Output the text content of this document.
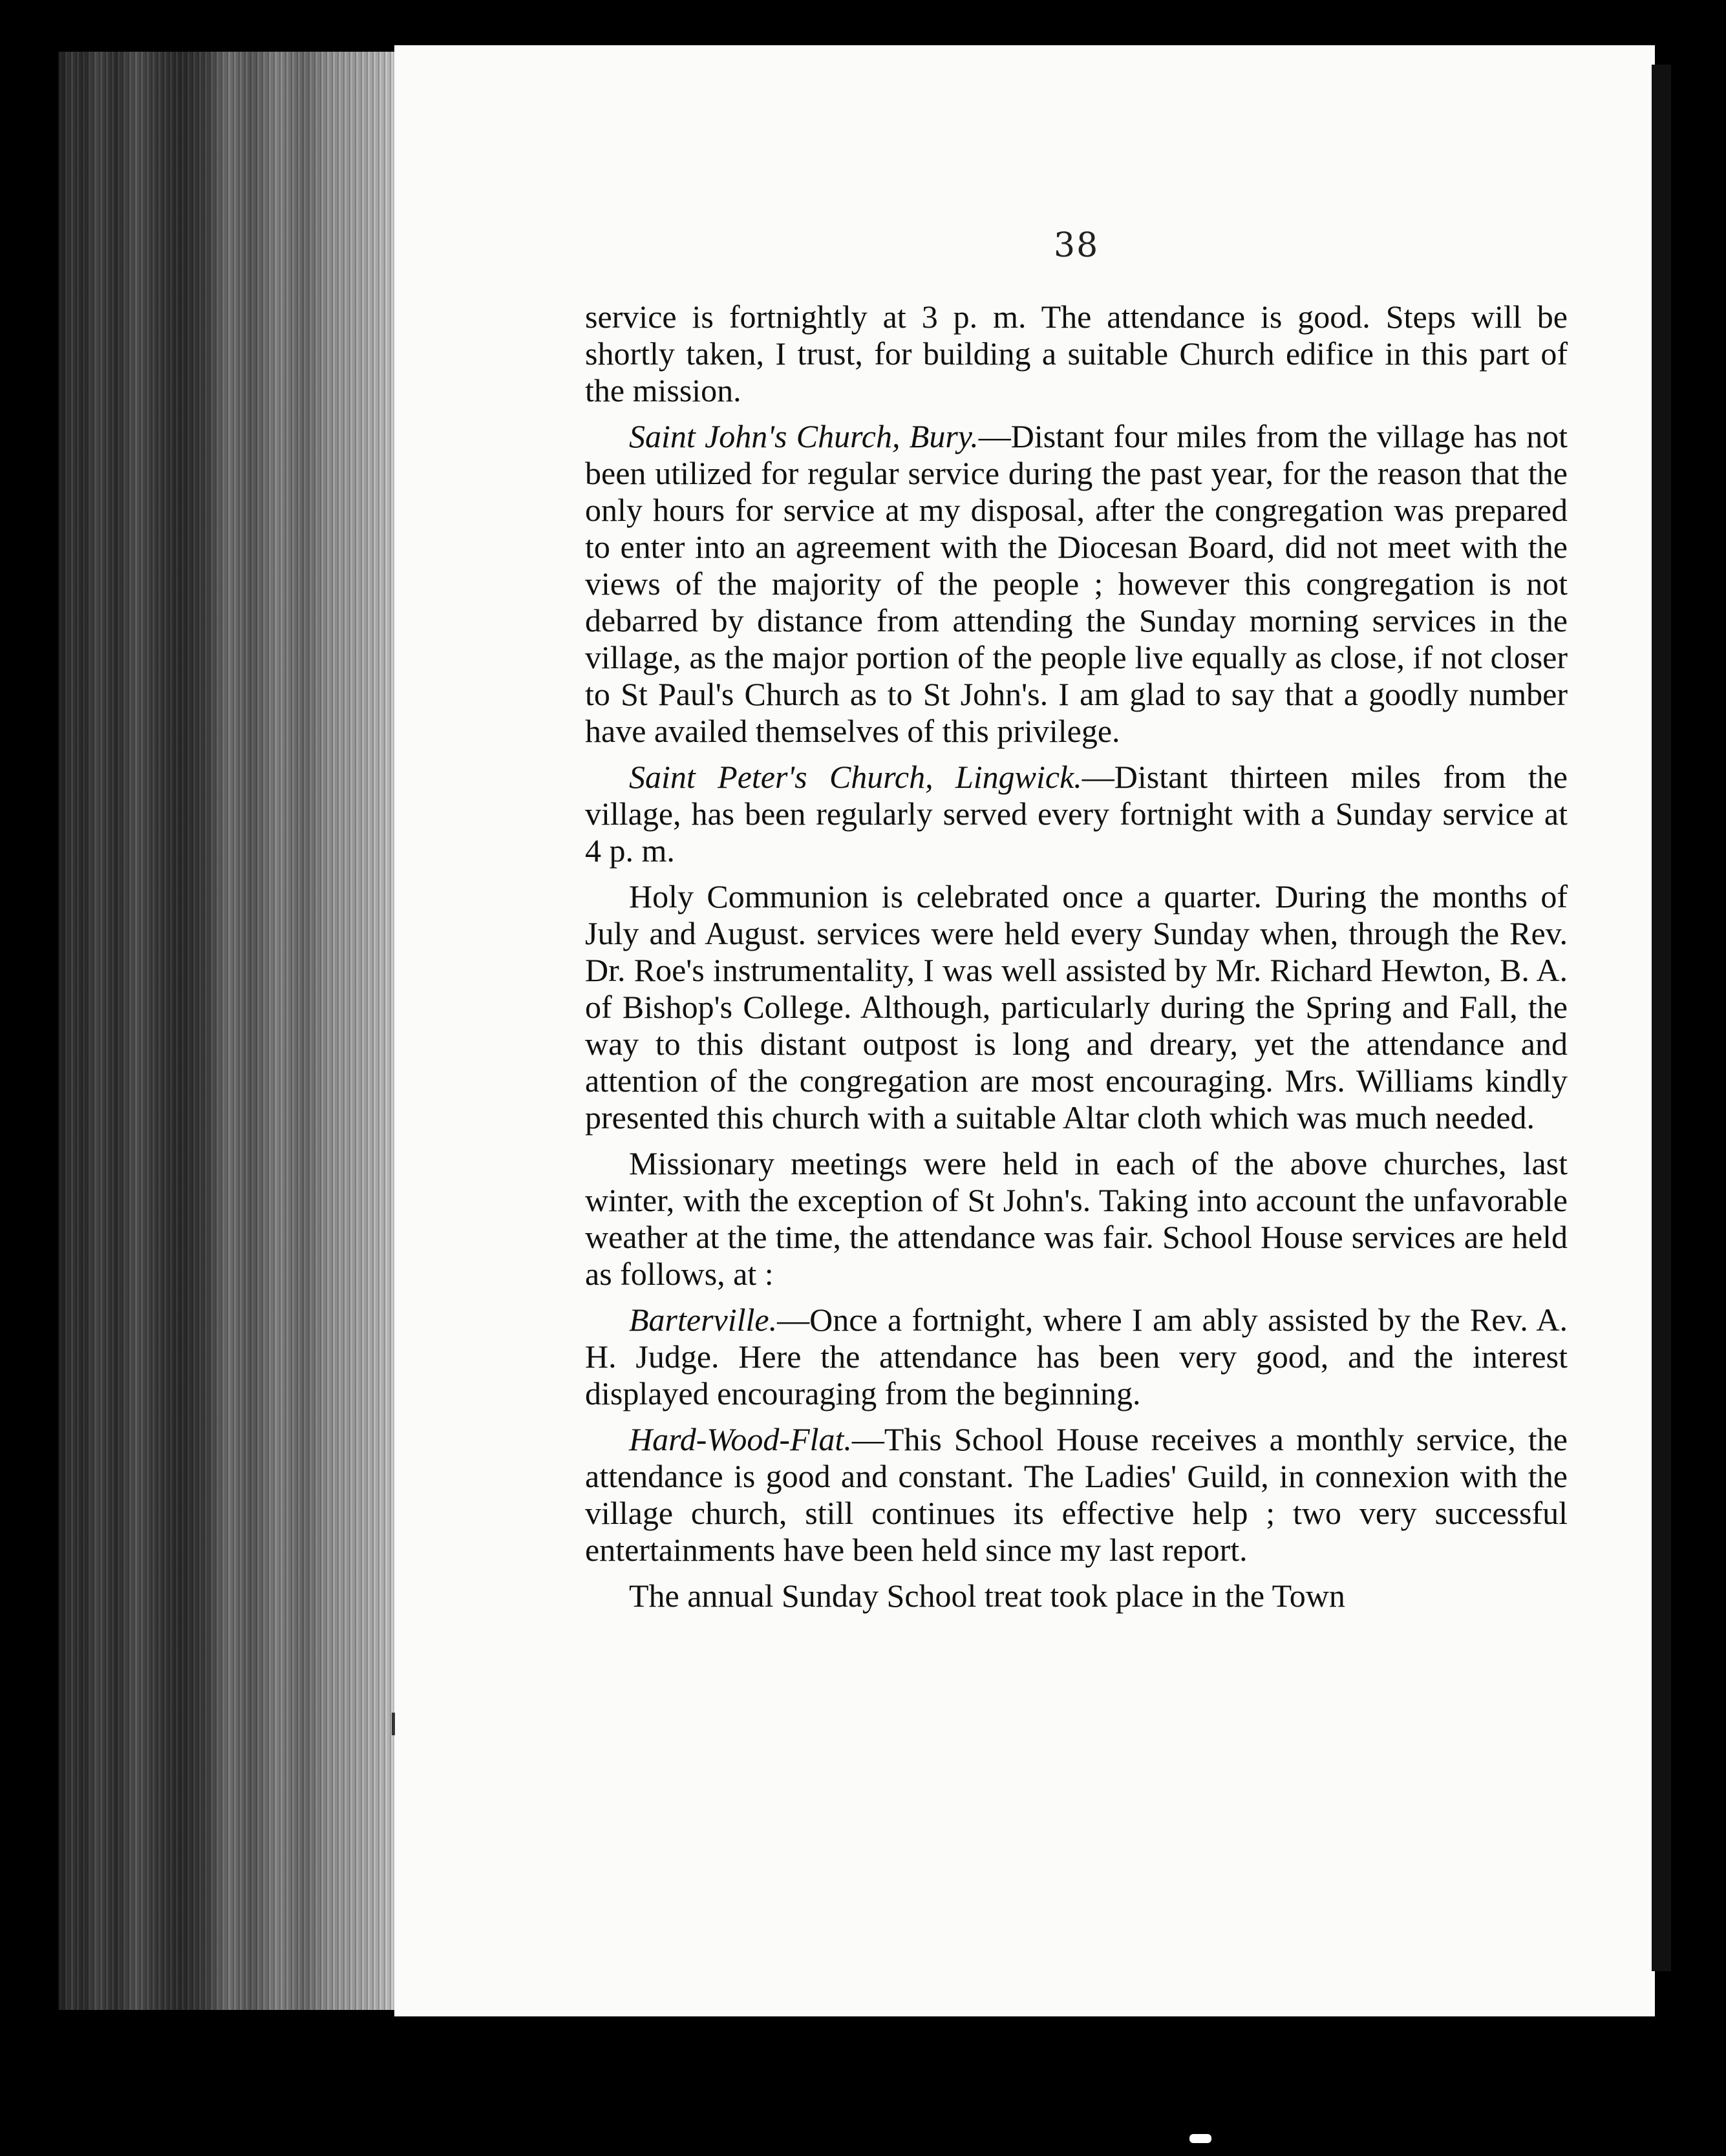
38

service is fortnightly at 3 p. m. The attendance is good. Steps will be shortly taken, I trust, for building a suitable Church edifice in this part of the mission.

Saint John's Church, Bury.—Distant four miles from the village has not been utilized for regular service during the past year, for the reason that the only hours for service at my disposal, after the congregation was prepared to enter into an agreement with the Diocesan Board, did not meet with the views of the majority of the people ; however this congregation is not debarred by distance from attending the Sunday morning services in the village, as the major portion of the people live equally as close, if not closer to St Paul's Church as to St John's. I am glad to say that a goodly number have availed themselves of this privilege.

Saint Peter's Church, Lingwick.—Distant thirteen miles from the village, has been regularly served every fortnight with a Sunday service at 4 p. m.

Holy Communion is celebrated once a quarter. During the months of July and August. services were held every Sunday when, through the Rev. Dr. Roe's instrumentality, I was well assisted by Mr. Richard Hewton, B. A. of Bishop's College. Although, particularly during the Spring and Fall, the way to this distant outpost is long and dreary, yet the attendance and attention of the congregation are most encouraging. Mrs. Williams kindly presented this church with a suitable Altar cloth which was much needed.

Missionary meetings were held in each of the above churches, last winter, with the exception of St John's. Taking into account the unfavorable weather at the time, the attendance was fair. School House services are held as follows, at :

Barterville.—Once a fortnight, where I am ably assisted by the Rev. A. H. Judge. Here the attendance has been very good, and the interest displayed encouraging from the beginning.

Hard-Wood-Flat.—This School House receives a monthly service, the attendance is good and constant. The Ladies' Guild, in connexion with the village church, still continues its effective help ; two very successful entertainments have been held since my last report.

The annual Sunday School treat took place in the Town
